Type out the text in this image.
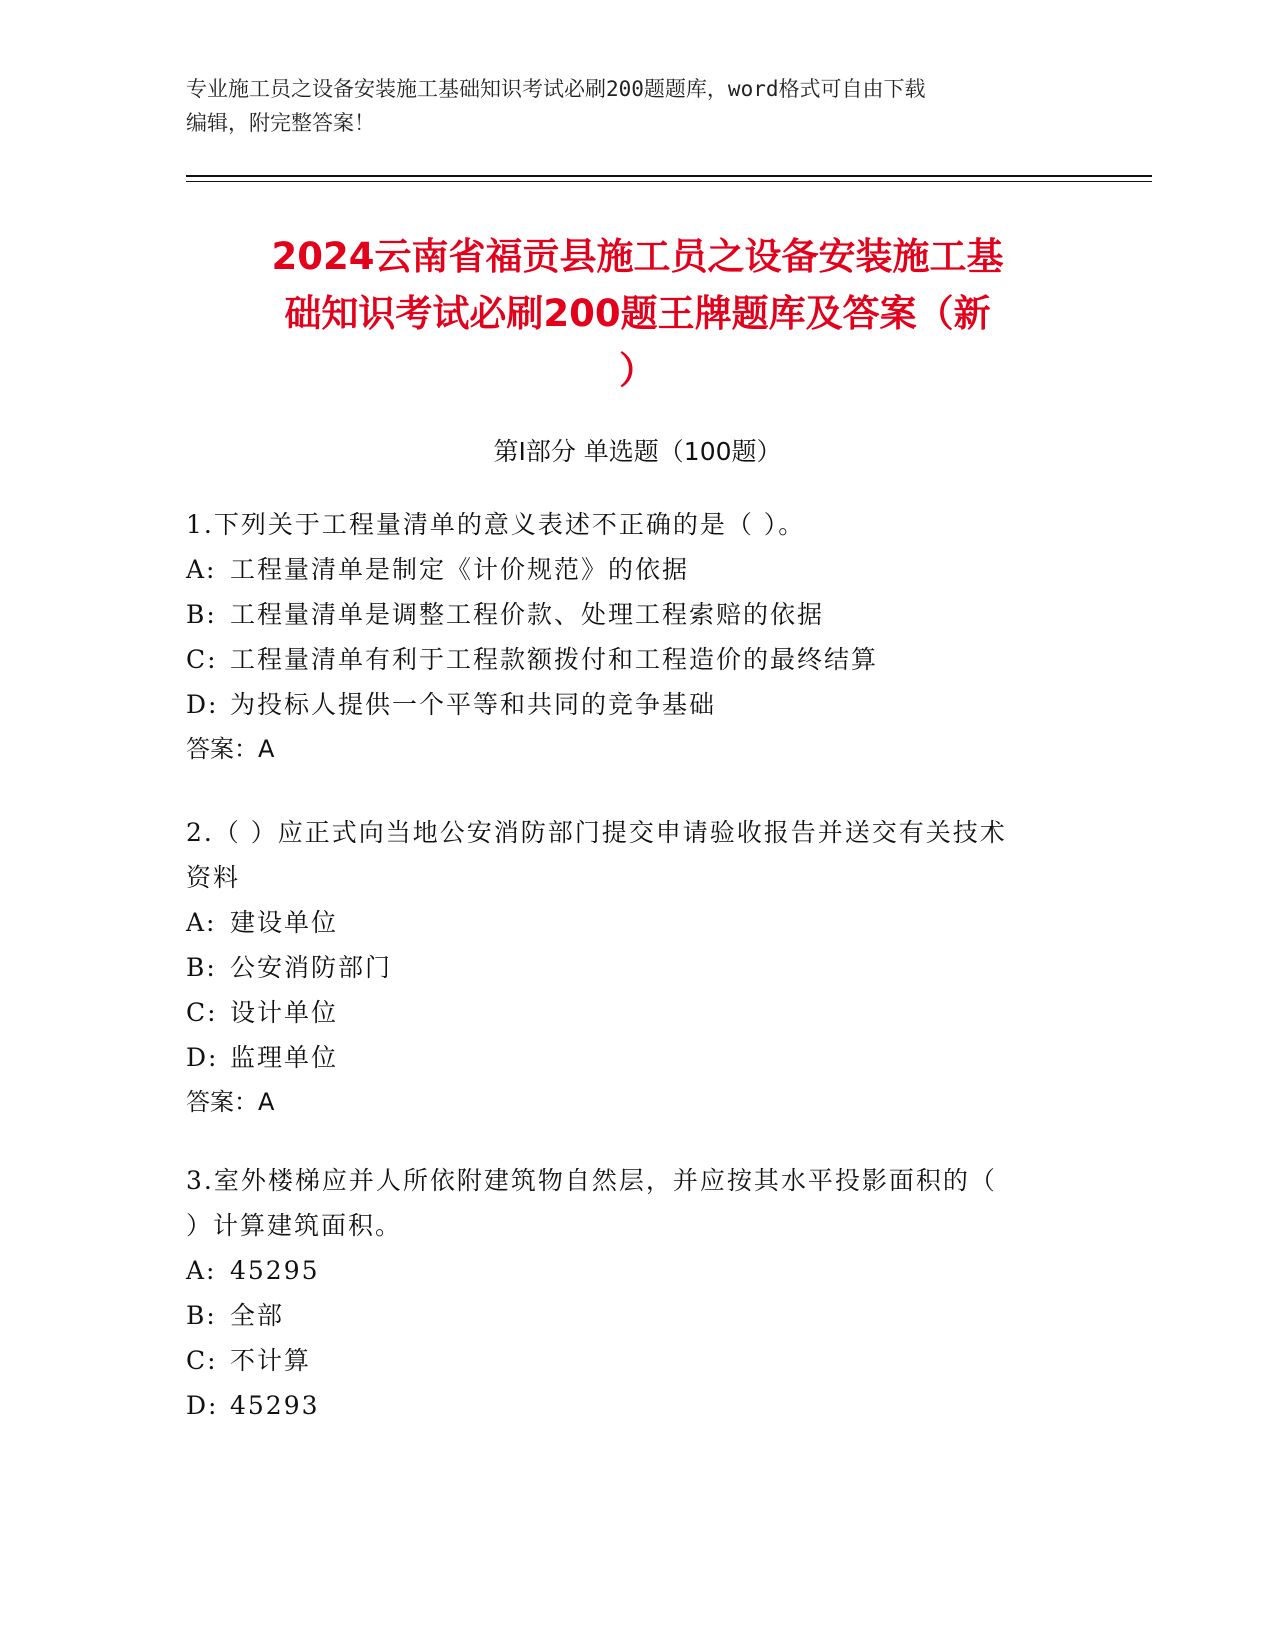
专业施工员之设备安装施工基础知识考试必刷200题题库，word格式可自由下载
编辑，附完整答案！
2024云南省福贡县施工员之设备安装施工基
础知识考试必刷200题王牌题库及答案（新
）
第Ⅰ部分 单选题（100题）
1.下列关于工程量清单的意义表述不正确的是（ ）。
A: 工程量清单是制定《计价规范》的依据
B: 工程量清单是调整工程价款、处理工程索赔的依据
C: 工程量清单有利于工程款额拨付和工程造价的最终结算
D: 为投标人提供一个平等和共同的竞争基础
答案：A
2.（ ）应正式向当地公安消防部门提交申请验收报告并送交有关技术
资料
A: 建设单位
B: 公安消防部门
C: 设计单位
D: 监理单位
答案：A
3.室外楼梯应并人所依附建筑物自然层，并应按其水平投影面积的（
）计算建筑面积。
A: 45295
B: 全部
C: 不计算
D: 45293
